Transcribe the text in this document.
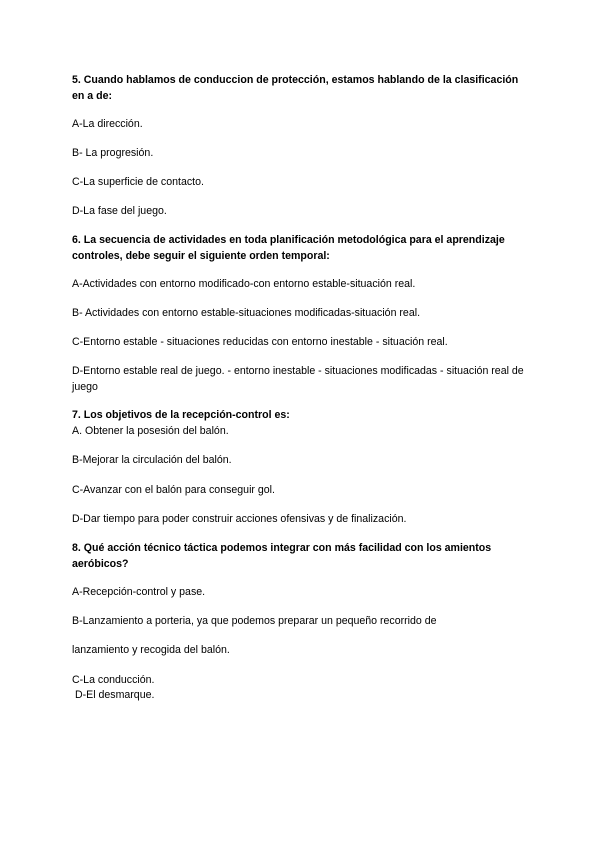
5. Cuando hablamos de conduccion de protección, estamos hablando de la clasificación en a de:
A-La dirección.
B- La progresión.
C-La superficie de contacto.
D-La fase del juego.
6. La secuencia de actividades en toda planificación metodológica para el aprendizaje controles, debe seguir el siguiente orden temporal:
A-Actividades con entorno modificado-con entorno estable-situación real.
B- Actividades con entorno estable-situaciones modificadas-situación real.
C-Entorno estable - situaciones reducidas con entorno inestable - situación real.
D-Entorno estable real de juego. - entorno inestable - situaciones modificadas - situación real de juego
7. Los objetivos de la recepción-control es:
A. Obtener la posesión del balón.
B-Mejorar la circulación del balón.
C-Avanzar con el balón para conseguir gol.
D-Dar tiempo para poder construir acciones ofensivas y de finalización.
8. Qué acción técnico táctica podemos integrar con más facilidad con los amientos aeróbicos?
A-Recepción-control y pase.
B-Lanzamiento a porteria, ya que podemos preparar un pequeño recorrido de
lanzamiento y recogida del balón.
C-La conducción.
D-El desmarque.
